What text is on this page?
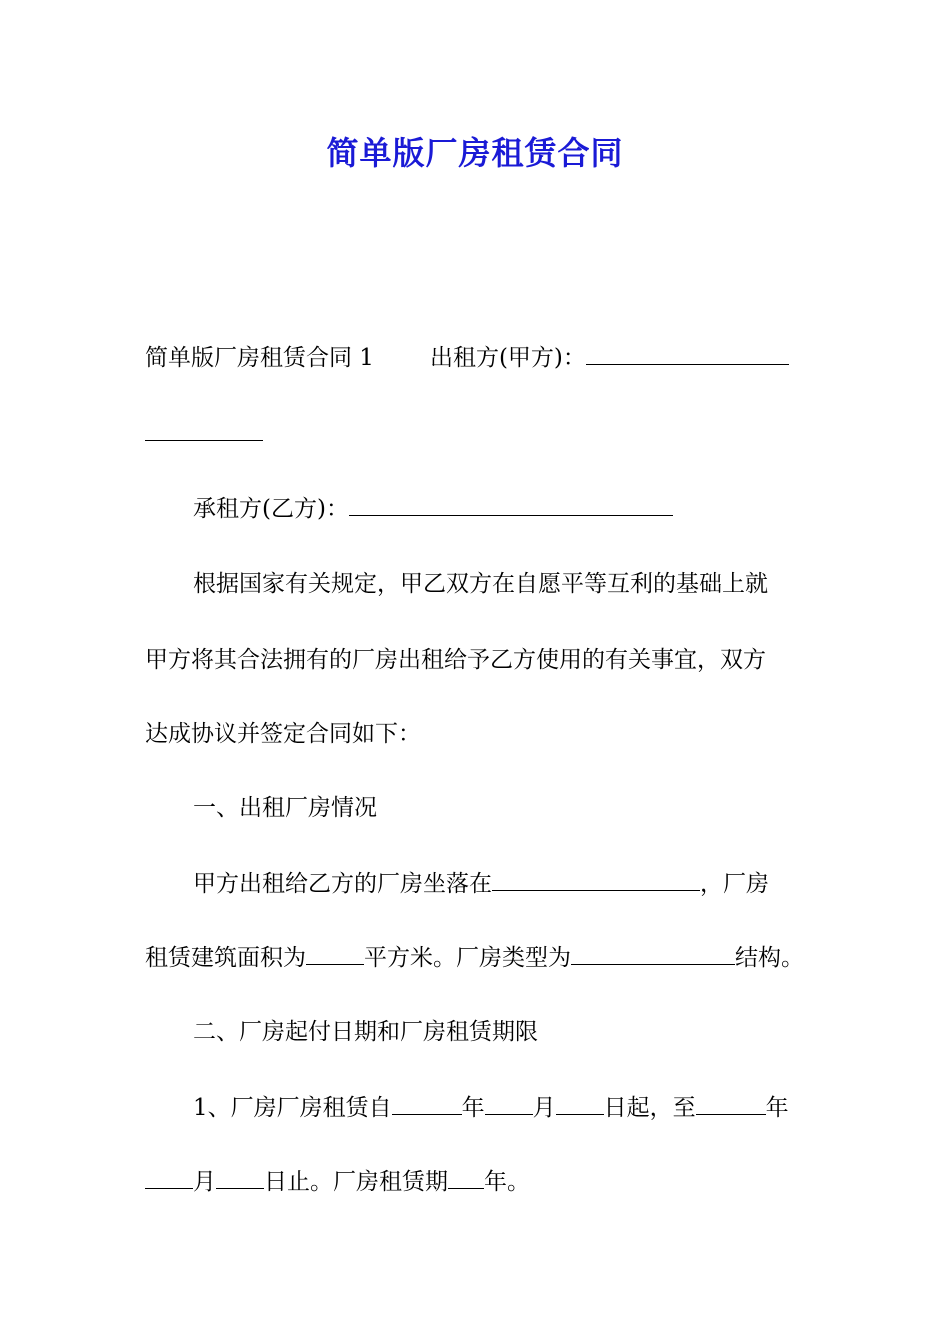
简单版厂房租赁合同
简单版厂房租赁合同 1 出租方(甲方)：
承租方(乙方)：
根据国家有关规定，甲乙双方在自愿平等互利的基础上就
甲方将其合法拥有的厂房出租给予乙方使用的有关事宜，双方
达成协议并签定合同如下：
一、出租厂房情况
甲方出租给乙方的厂房坐落在	，厂房
租赁建筑面积为	平方米。厂房类型为	结构。
二、厂房起付日期和厂房租赁期限
1、厂房厂房租赁自	年 月 日起，至	年
月 日止。厂房租赁期 年。
